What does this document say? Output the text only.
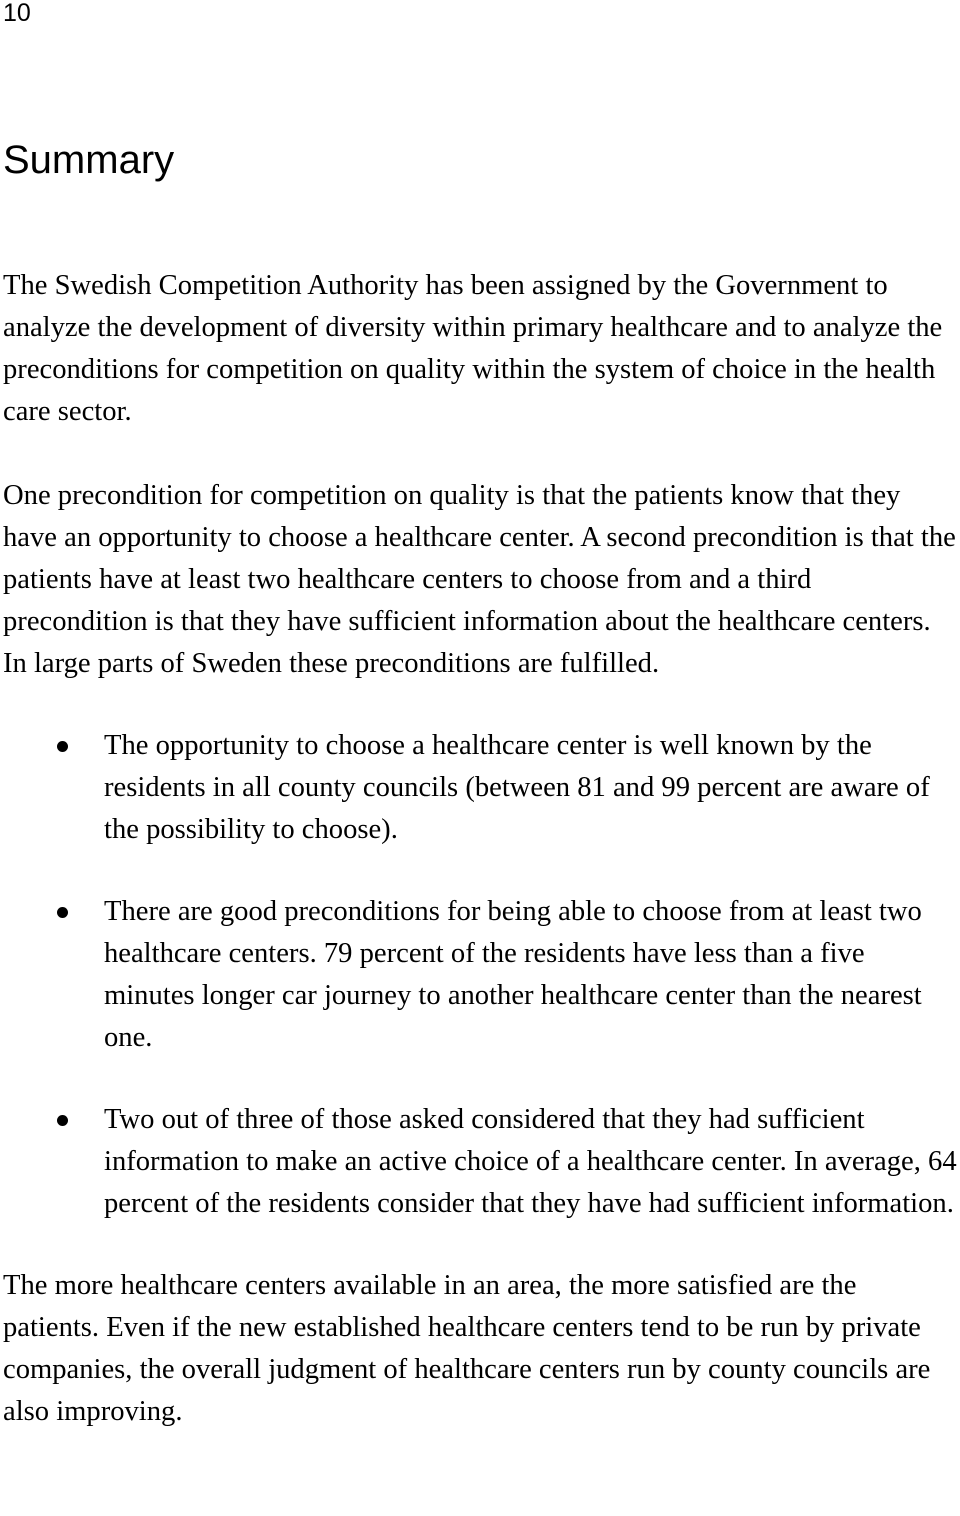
10
Summary

The Swedish Competition Authority has been assigned by the Government to analyze the development of diversity within primary healthcare and to analyze the preconditions for competition on quality within the system of choice in the health care sector.

One precondition for competition on quality is that the patients know that they have an opportunity to choose a healthcare center. A second precondition is that the patients have at least two healthcare centers to choose from and a third precondition is that they have sufficient information about the healthcare centers. In large parts of Sweden these preconditions are fulfilled.

The opportunity to choose a healthcare center is well known by the residents in all county councils (between 81 and 99 percent are aware of the possibility to choose).
There are good preconditions for being able to choose from at least two healthcare centers. 79 percent of the residents have less than a five minutes longer car journey to another healthcare center than the nearest one.
Two out of three of those asked considered that they had sufficient information to make an active choice of a healthcare center. In average, 64 percent of the residents consider that they have had sufficient information.

The more healthcare centers available in an area, the more satisfied are the patients. Even if the new established healthcare centers tend to be run by private companies, the overall judgment of healthcare centers run by county councils are also improving.
